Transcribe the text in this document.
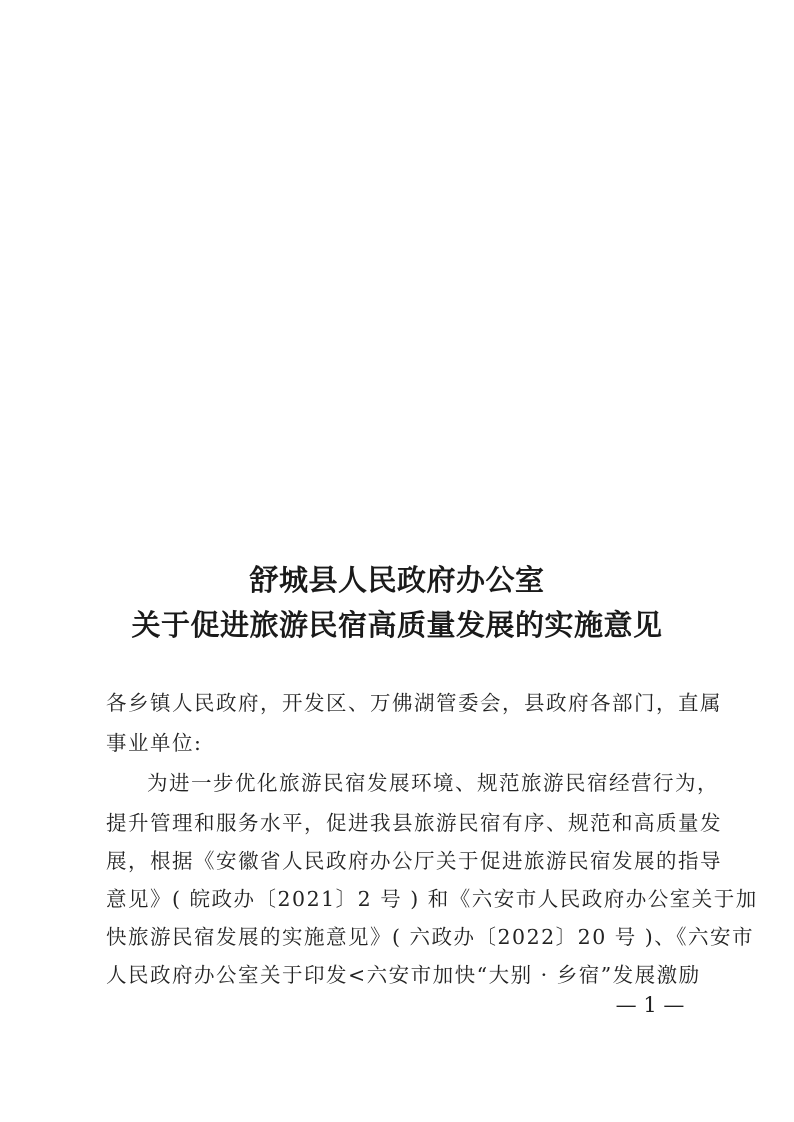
舒城县人民政府办公室
关于促进旅游民宿高质量发展的实施意见
各乡镇人民政府，开发区、万佛湖管委会，县政府各部门，直属
事业单位:
为进一步优化旅游民宿发展环境、规范旅游民宿经营行为，
提升管理和服务水平，促进我县旅游民宿有序、规范和高质量发
展，根据《安徽省人民政府办公厅关于促进旅游民宿发展的指导
意见》( 皖政办〔2021〕2 号 ) 和《六安市人民政府办公室关于加
快旅游民宿发展的实施意见》( 六政办〔2022〕20 号 )、《六安市
人民政府办公室关于印发<六安市加快“大别 · 乡宿”发展激励
— 1 —
